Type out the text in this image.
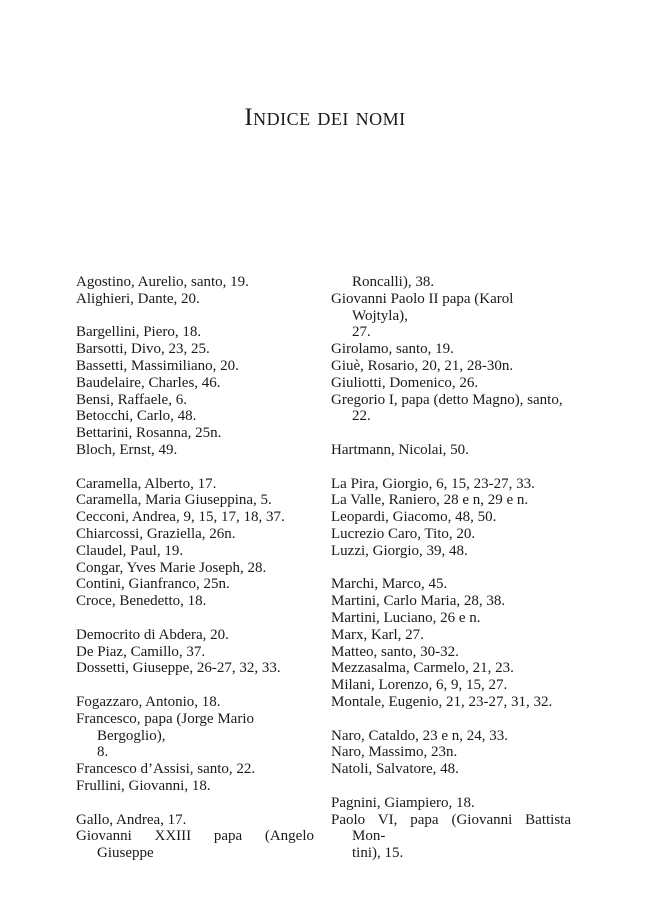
Indice dei nomi
Agostino, Aurelio, santo, 19.
Alighieri, Dante, 20.
Bargellini, Piero, 18.
Barsotti, Divo, 23, 25.
Bassetti, Massimiliano, 20.
Baudelaire, Charles, 46.
Bensi, Raffaele, 6.
Betocchi, Carlo, 48.
Bettarini, Rosanna, 25n.
Bloch, Ernst, 49.
Caramella, Alberto, 17.
Caramella, Maria Giuseppina, 5.
Cecconi, Andrea, 9, 15, 17, 18, 37.
Chiarcossi, Graziella, 26n.
Claudel, Paul, 19.
Congar, Yves Marie Joseph, 28.
Contini, Gianfranco, 25n.
Croce, Benedetto, 18.
Democrito di Abdera, 20.
De Piaz, Camillo, 37.
Dossetti, Giuseppe, 26-27, 32, 33.
Fogazzaro, Antonio, 18.
Francesco, papa (Jorge Mario Bergoglio),
8.
Francesco d’Assisi, santo, 22.
Frullini, Giovanni, 18.
Gallo, Andrea, 17.
Giovanni XXIII papa (Angelo Giuseppe
Roncalli), 38.
Giovanni Paolo II papa (Karol Wojtyla),
27.
Girolamo, santo, 19.
Giuè, Rosario, 20, 21, 28-30n.
Giuliotti, Domenico, 26.
Gregorio I, papa (detto Magno), santo,
22.
Hartmann, Nicolai, 50.
La Pira, Giorgio, 6, 15, 23-27, 33.
La Valle, Raniero, 28 e n, 29 e n.
Leopardi, Giacomo, 48, 50.
Lucrezio Caro, Tito, 20.
Luzzi, Giorgio, 39, 48.
Marchi, Marco, 45.
Martini, Carlo Maria, 28, 38.
Martini, Luciano, 26 e n.
Marx, Karl, 27.
Matteo, santo, 30-32.
Mezzasalma, Carmelo, 21, 23.
Milani, Lorenzo, 6, 9, 15, 27.
Montale, Eugenio, 21, 23-27, 31, 32.
Naro, Cataldo, 23 e n, 24, 33.
Naro, Massimo, 23n.
Natoli, Salvatore, 48.
Pagnini, Giampiero, 18.
Paolo VI, papa (Giovanni Battista Mon-
tini), 15.
